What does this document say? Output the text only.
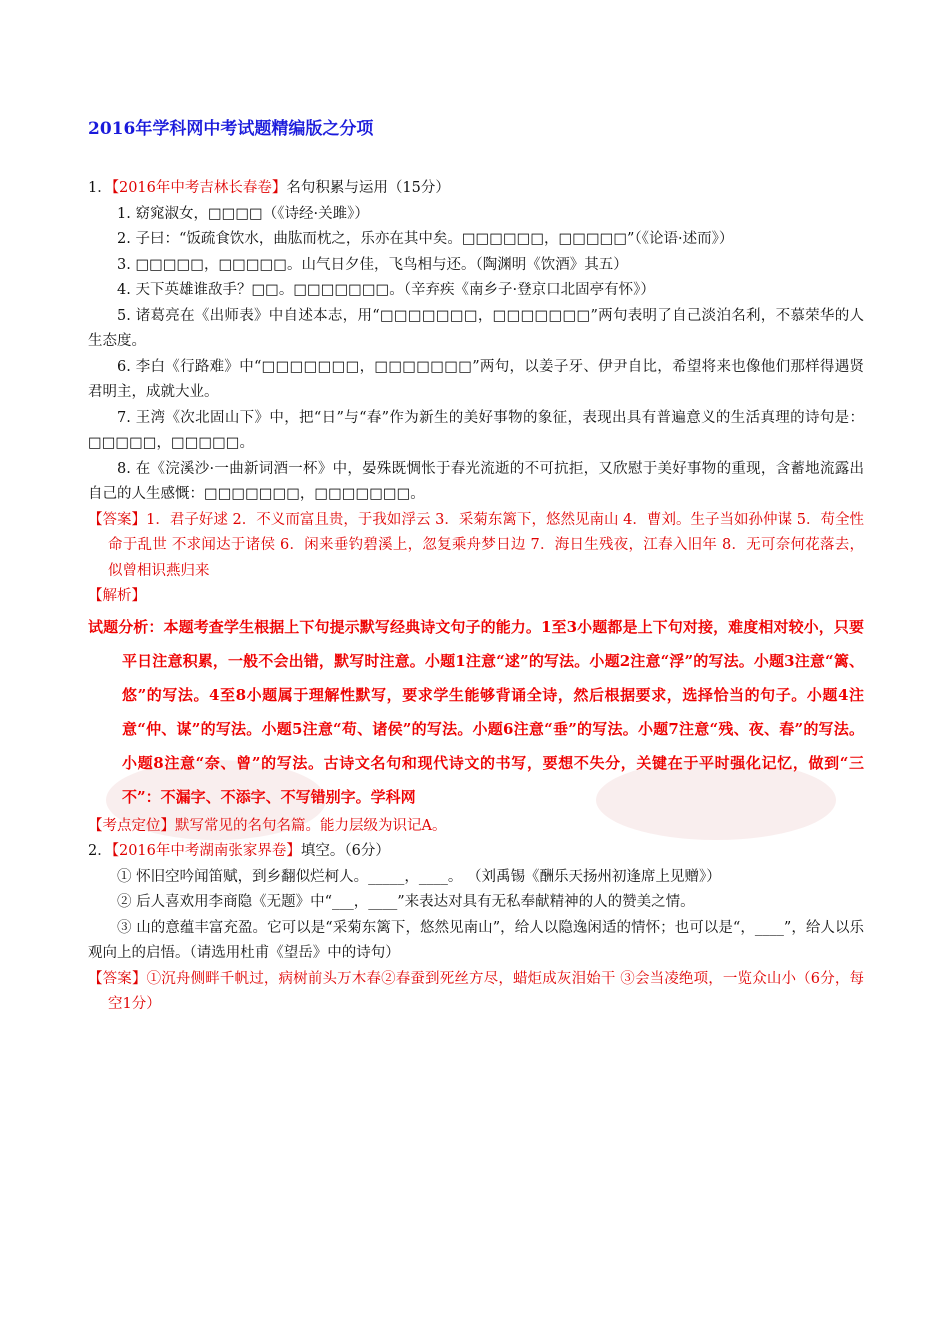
2016年学科网中考试题精编版之分项

1．【2016年中考吉林长春卷】名句积累与运用（15分）

1. 窈窕淑女，□□□□（《诗经·关雎》）

2. 子曰：“饭疏食饮水，曲肱而枕之，乐亦在其中矣。□□□□□□，□□□□□”（《论语·述而》）

3. □□□□□，□□□□□。山气日夕佳，飞鸟相与还。（陶渊明《饮酒》其五）

4. 天下英雄谁敌手？□□。□□□□□□□。（辛弃疾《南乡子·登京口北固亭有怀》）

5. 诸葛亮在《出师表》中自述本志，用“□□□□□□□，□□□□□□□”两句表明了自己淡泊名利，不慕荣华的人生态度。

6. 李白《行路难》中“□□□□□□□，□□□□□□□”两句，以姜子牙、伊尹自比，希望将来也像他们那样得遇贤君明主，成就大业。

7. 王湾《次北固山下》中，把“日”与“春”作为新生的美好事物的象征，表现出具有普遍意义的生活真理的诗句是：□□□□□，□□□□□。

8. 在《浣溪沙·一曲新词酒一杯》中，晏殊既惆怅于春光流逝的不可抗拒，又欣慰于美好事物的重现，含蓄地流露出自己的人生感慨：□□□□□□□，□□□□□□□。

【答案】1．君子好逑 2．不义而富且贵，于我如浮云 3．采菊东篱下，悠然见南山 4．曹刘。生子当如孙仲谋 5．苟全性命于乱世 不求闻达于诸侯 6．闲来垂钓碧溪上，忽复乘舟梦日边 7．海日生残夜，江春入旧年 8．无可奈何花落去，似曾相识燕归来

【解析】

试题分析：本题考查学生根据上下句提示默写经典诗文句子的能力。1至3小题都是上下句对接，难度相对较小，只要平日注意积累，一般不会出错，默写时注意。小题1注意“逑”的写法。小题2注意“浮”的写法。小题3注意“篱、悠”的写法。4至8小题属于理解性默写，要求学生能够背诵全诗，然后根据要求，选择恰当的句子。小题4注意“仲、谋”的写法。小题5注意“苟、诸侯”的写法。小题6注意“垂”的写法。小题7注意“残、夜、春”的写法。小题8注意“奈、曾”的写法。古诗文名句和现代诗文的书写，要想不失分，关键在于平时强化记忆，做到“三不”：不漏字、不添字、不写错别字。学科网

【考点定位】默写常见的名句名篇。能力层级为识记A。

2．【2016年中考湖南张家界卷】填空。（6分）

① 怀旧空吟闻笛赋，到乡翻似烂柯人。_____，____。 （刘禹锡《酬乐天扬州初逢席上见赠》）

② 后人喜欢用李商隐《无题》中“___，____”来表达对具有无私奉献精神的人的赞美之情。

③ 山的意蕴丰富充盈。它可以是“采菊东篱下，悠然见南山”，给人以隐逸闲适的情怀；也可以是“，____”，给人以乐观向上的启悟。（请选用杜甫《望岳》中的诗句）

【答案】①沉舟侧畔千帆过，病树前头万木春②春蚕到死丝方尽，蜡炬成灰泪始干 ③会当凌绝项，一览众山小（6分，每空1分）
